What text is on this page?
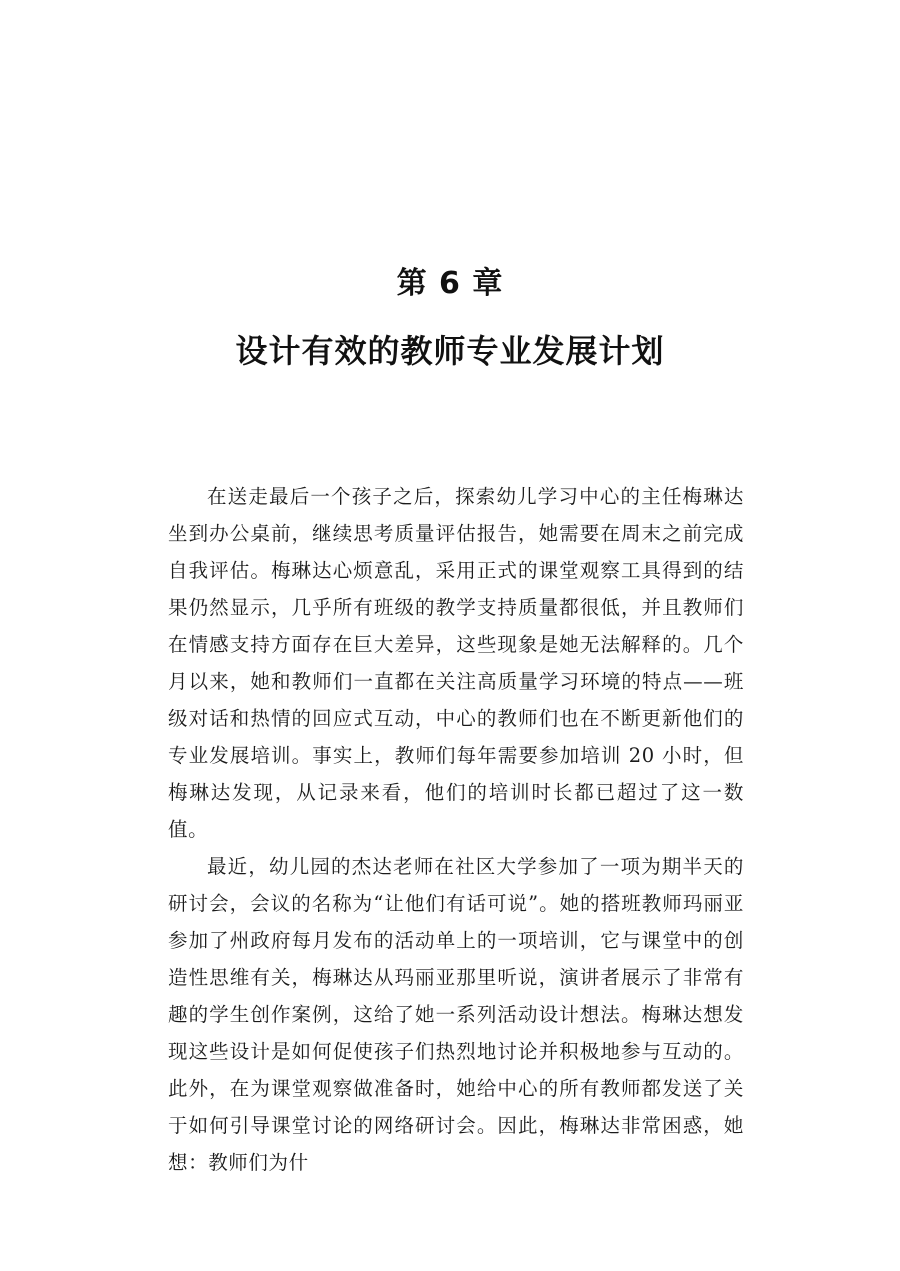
第 6 章
设计有效的教师专业发展计划

在送走最后一个孩子之后，探索幼儿学习中心的主任梅琳达坐到办公桌前，继续思考质量评估报告，她需要在周末之前完成自我评估。梅琳达心烦意乱，采用正式的课堂观察工具得到的结果仍然显示，几乎所有班级的教学支持质量都很低，并且教师们在情感支持方面存在巨大差异，这些现象是她无法解释的。几个月以来，她和教师们一直都在关注高质量学习环境的特点——班级对话和热情的回应式互动，中心的教师们也在不断更新他们的专业发展培训。事实上，教师们每年需要参加培训 20 小时，但梅琳达发现，从记录来看，他们的培训时长都已超过了这一数值。

最近，幼儿园的杰达老师在社区大学参加了一项为期半天的研讨会，会议的名称为“让他们有话可说”。她的搭班教师玛丽亚参加了州政府每月发布的活动单上的一项培训，它与课堂中的创造性思维有关，梅琳达从玛丽亚那里听说，演讲者展示了非常有趣的学生创作案例，这给了她一系列活动设计想法。梅琳达想发现这些设计是如何促使孩子们热烈地讨论并积极地参与互动的。此外，在为课堂观察做准备时，她给中心的所有教师都发送了关于如何引导课堂讨论的网络研讨会。因此，梅琳达非常困惑，她想：教师们为什
